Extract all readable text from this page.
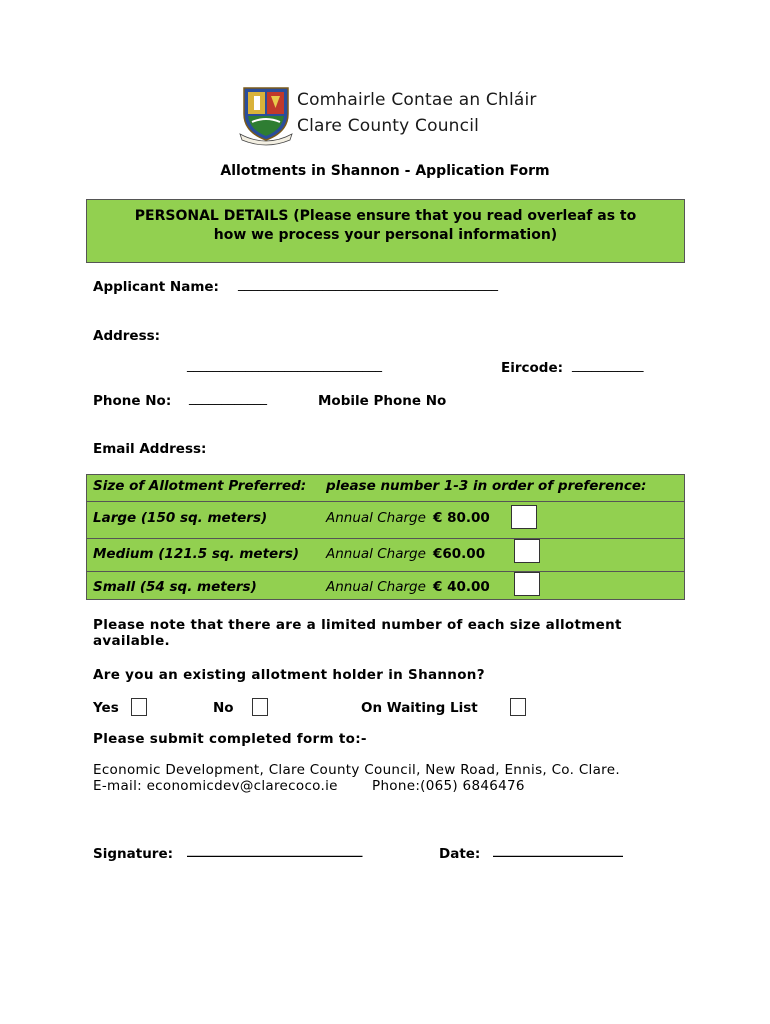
Comhairle Contae an Chláir
Clare County Council
Allotments in Shannon - Application Form
PERSONAL DETAILS (Please ensure that you read overleaf as to
how we process your personal information)
Applicant Name: ________________________________________
Address:
______________________________	Eircode: ___________
Phone No: ____________	Mobile Phone No
Email Address:
Size of Allotment Preferred: please number 1-3 in order of preference:
Large (150 sq. meters)	Annual Charge € 80.00
Medium (121.5 sq. meters) Annual Charge €60.00
Small (54 sq. meters)	Annual Charge € 40.00
Please note that there are a limited number of each size allotment
available.
Are you an existing allotment holder in Shannon?
Yes	No	On Waiting List
Please submit completed form to:-
Economic Development, Clare County Council, New Road, Ennis, Co. Clare.
E-mail: economicdev@clarecoco.ie	Phone:(065) 6846476
Signature: ___________________________	Date: ____________________
